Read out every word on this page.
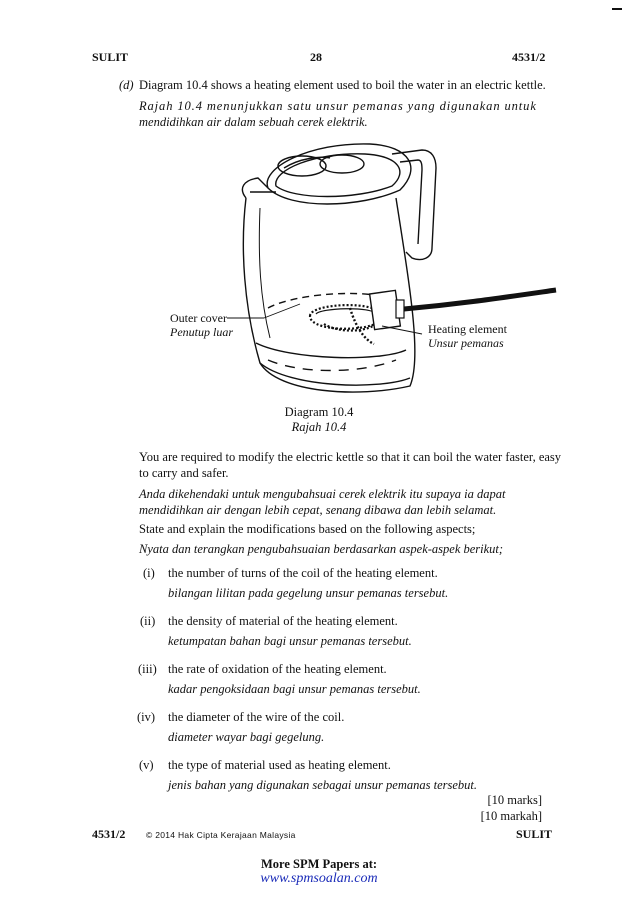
SULIT	28	4531/2
(d) Diagram 10.4 shows a heating element used to boil the water in an electric kettle.
Rajah 10.4 menunjukkan satu unsur pemanas yang digunakan untuk
mendidihkan air dalam sebuah cerek elektrik.
Outer cover
Penutup luar	Heating element
Unsur pemanas
Diagram 10.4
Rajah 10.4
You are required to modify the electric kettle so that it can boil the water faster, easy
to carry and safer.
Anda dikehendaki untuk mengubahsuai cerek elektrik itu supaya ia dapat
mendidihkan air dengan lebih cepat, senang dibawa dan lebih selamat.
State and explain the modifications based on the following aspects;
Nyata dan terangkan pengubahsuaian berdasarkan aspek-aspek berikut;
(i) the number of turns of the coil of the heating element.
bilangan lilitan pada gegelung unsur pemanas tersebut.
(ii) the density of material of the heating element.
ketumpatan bahan bagi unsur pemanas tersebut.
(iii) the rate of oxidation of the heating element.
kadar pengoksidaan bagi unsur pemanas tersebut.
(iv) the diameter of the wire of the coil.
diameter wayar bagi gegelung.
(v) the type of material used as heating element.
jenis bahan yang digunakan sebagai unsur pemanas tersebut.
[10 marks]
[10 markah]
4531/2 © 2014 Hak Cipta Kerajaan Malaysia	SULIT
More SPM Papers at:
www.spmsoalan.com
